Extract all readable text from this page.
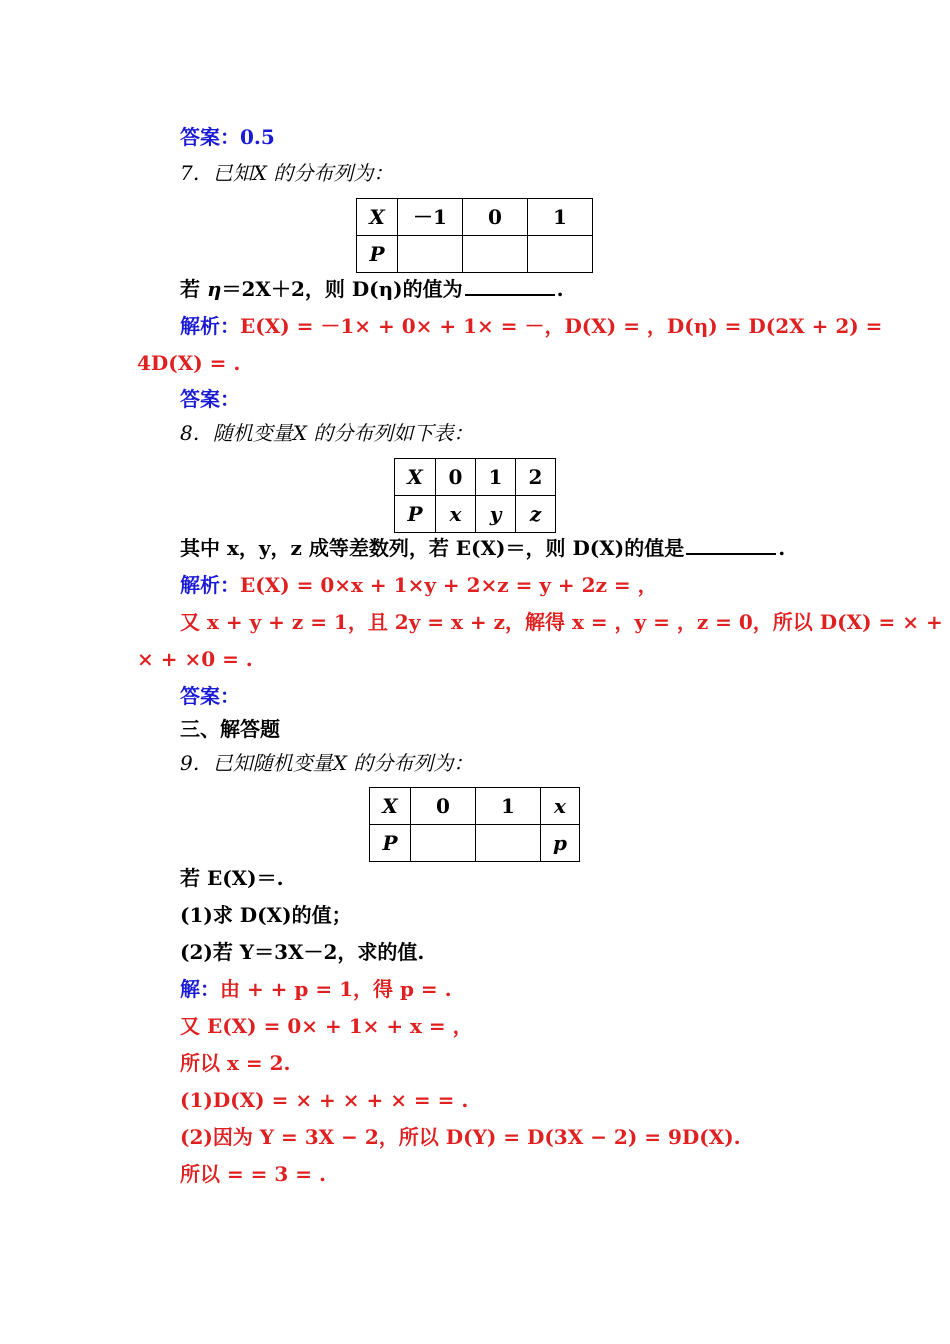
答案：0.5
7．已知X 的分布列为：
X	－1	0	1
P			
若 η＝2X＋2，则 D(η)的值为	.
解析：E(X) = －1× + 0× + 1× = －，D(X) = ，D(η) = D(2X + 2) =
4D(X) = .
答案：
8．随机变量X 的分布列如下表：
X	0	1	2
P	x	y	z
其中 x，y，z 成等差数列，若 E(X)＝，则 D(X)的值是	.
解析：E(X) = 0×x + 1×y + 2×z = y + 2z = ，
又 x + y + z = 1，且 2y = x + z，解得 x = ，y = ，z = 0，所以 D(X) = × +
× + ×0 = .
答案：
三、解答题
9．已知随机变量X 的分布列为：
X	0	1	x
P			p
若 E(X)＝.
(1)求 D(X)的值；
(2)若 Y＝3X－2，求的值.
解：由 + + p = 1，得 p = .
又 E(X) = 0× + 1× + x = ，
所以 x = 2.
(1)D(X) = × + × + × = = .
(2)因为 Y = 3X − 2，所以 D(Y) = D(3X − 2) = 9D(X).
所以 = = 3 = .
